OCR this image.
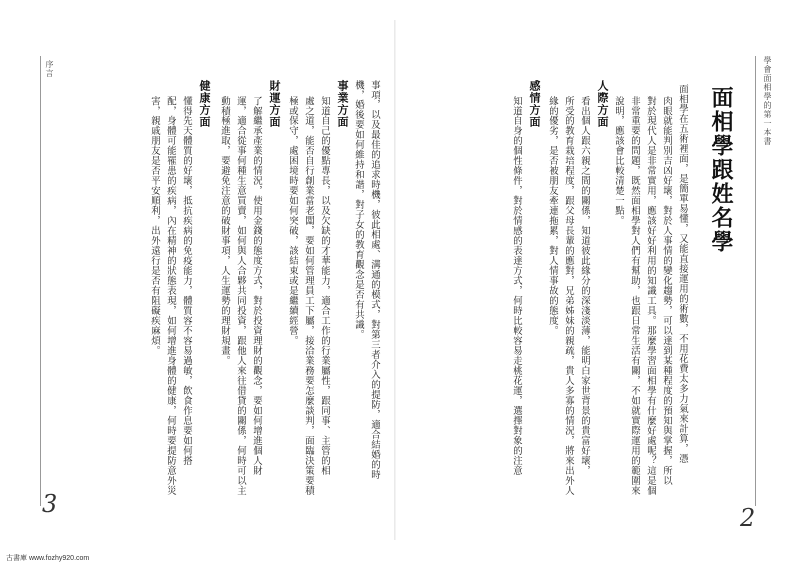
學會面相學的第一本書
面相學跟姓名學
面相學在五術裡面，是簡單易懂，又能直接運用的術數，不用花費太多力氣來計算，憑
肉眼就能判別吉凶好壞，對於人事情的變化趨勢，可以達到某種程度的預知與掌握，所以
對於現代人是非常實用，應該好好利用的知識工具。那麼學習面相學有什麼好處呢？這是個
非常重要的問題，既然面相學對人們有幫助，也跟日常生活有關，不如就實際運用的範圍來
說明，應該會比較清楚一點。
人際方面
看出個人跟六親之間的關係，知道彼此緣分的深淺淡薄，能明白家世背景的貴富好壞，
所受的教育栽培程度，跟父母長輩的應對，兄弟姊妹的親疏，貴人多寡的情況，將來出外人
緣的優劣，是否被朋友牽連拖累，對人情事故的態度。
感情方面
知道自身的個性條件，對於情感的表達方式，何時比較容易走桃花運，選擇對象的注意
2
事項，以及最佳的追求時機，彼此相處、溝通的模式，對第三者介入的提防，適合結婚的時
機，婚後要如何維持和諧，對子女的教育觀念是否有共識。
事業方面
知道自己的優點專長，以及欠缺的才華能力，適合工作的行業屬性，跟同事、主管的相
處之道，能否自行創業當老闆，要如何管理員工下屬，接洽業務要怎麼談判，面臨決策要積
極或保守，處困境時要如何突破，該結束或是繼續經營。
財運方面
了解繼承產業的情況，使用金錢的態度方式，對於投資理財的觀念，要如何增進個人財
運，適合從事何種生意買賣，如何與人合夥共同投資，跟他人來往借貸的關係，何時可以主
動積極進取，要避免注意的破財事項，人生運勢的理財規畫。
健康方面
懂得先天體質的好壞，抵抗疾病的免疫能力，體質容不容易過敏，飲食作息要如何搭
配，身體可能罹患的疾病，內在精神的狀態表現，如何增進身體的健康，何時要提防意外災
害，親戚朋友是否平安順利，出外遠行是否有阻礙疾麻煩。
序言
3
古書庫 www.fozhy920.com
